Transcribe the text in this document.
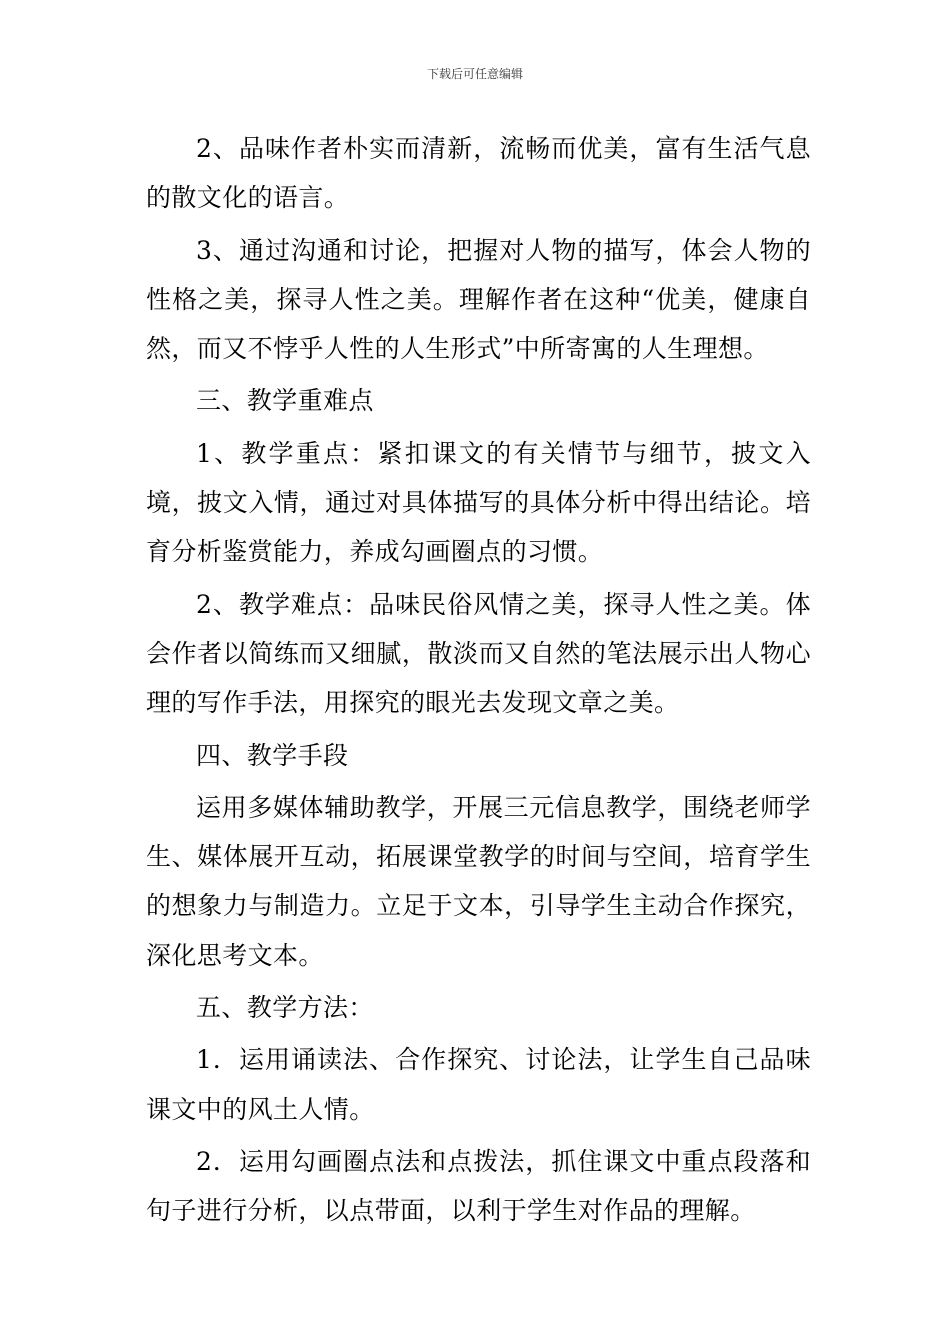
下载后可任意编辑

2、品味作者朴实而清新，流畅而优美，富有生活气息的散文化的语言。

3、通过沟通和讨论，把握对人物的描写，体会人物的性格之美，探寻人性之美。理解作者在这种“优美，健康自然，而又不悖乎人性的人生形式”中所寄寓的人生理想。

三、教学重难点

1、教学重点：紧扣课文的有关情节与细节，披文入境，披文入情，通过对具体描写的具体分析中得出结论。培育分析鉴赏能力，养成勾画圈点的习惯。

2、教学难点：品味民俗风情之美，探寻人性之美。体会作者以简练而又细腻，散淡而又自然的笔法展示出人物心理的写作手法，用探究的眼光去发现文章之美。

四、教学手段

运用多媒体辅助教学，开展三元信息教学，围绕老师学生、媒体展开互动，拓展课堂教学的时间与空间，培育学生的想象力与制造力。立足于文本，引导学生主动合作探究，深化思考文本。

五、教学方法：

1．运用诵读法、合作探究、讨论法，让学生自己品味课文中的风土人情。

2．运用勾画圈点法和点拨法，抓住课文中重点段落和句子进行分析，以点带面，以利于学生对作品的理解。
